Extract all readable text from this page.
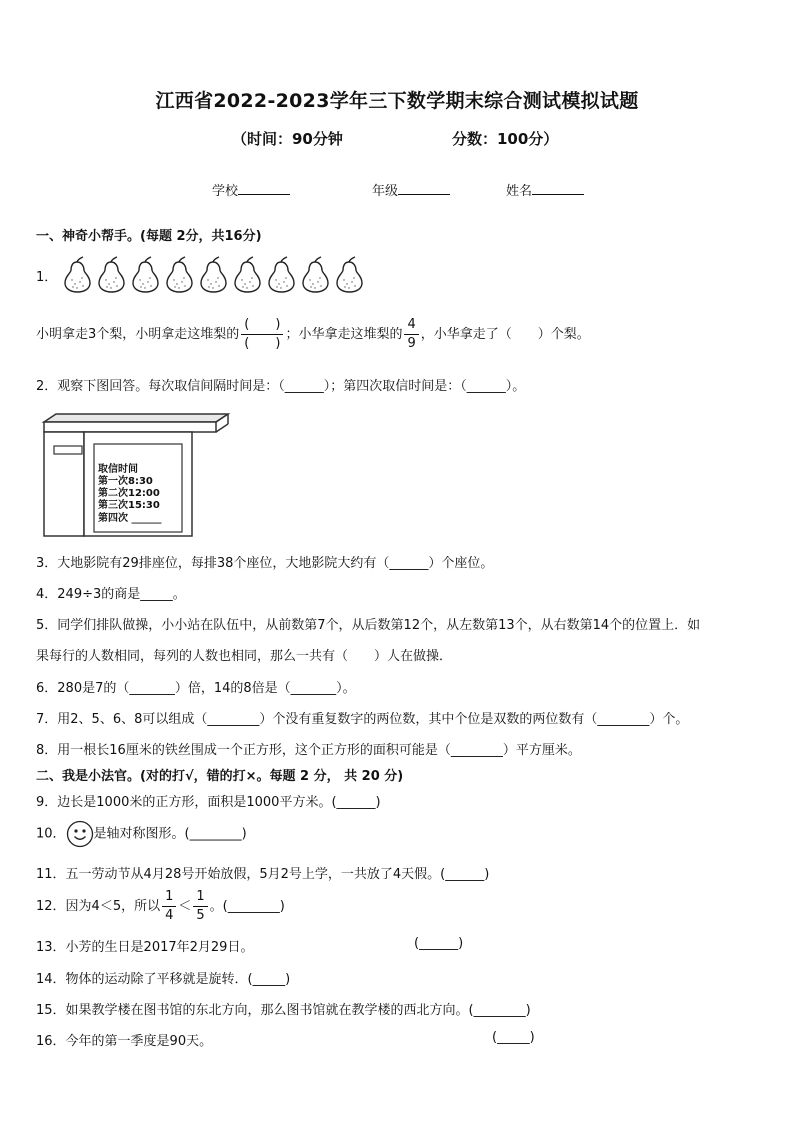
江西省2022-2023学年三下数学期末综合测试模拟试题
（时间：90分钟	分数：100分）
学校	年级	姓名
一、神奇小帮手。(每题 2分，共16分)
1．
小明拿走3个梨，小明拿走这堆梨的 $\frac{( )}{( )}$ ；小华拿走这堆梨的 $\frac{4}{9}$ ，小华拿走了（　　）个梨。
2．观察下图回答。每次取信间隔时间是：（______）；第四次取信时间是：（______）。
取信时间
第一次8:30
第二次12:00
第三次15:30
第四次 ______
3．大地影院有29排座位，每排38个座位，大地影院大约有（______）个座位。
4．249÷3的商是_____。
5．同学们排队做操，小小站在队伍中，从前数第7个，从后数第12个，从左数第13个，从右数第14个的位置上．如
果每行的人数相同，每列的人数也相同，那么一共有（　　）人在做操．
6．280是7的（_______）倍，14的8倍是（_______）。
7．用2、5、6、8可以组成（________）个没有重复数字的两位数，其中个位是双数的两位数有（________）个。
8．用一根长16厘米的铁丝围成一个正方形，这个正方形的面积可能是（________）平方厘米。
二、我是小法官。(对的打√，错的打×。每题 2 分， 共 20 分)
9．边长是1000米的正方形，面积是1000平方米。(______)
10． 是轴对称图形。(________)
11．五一劳动节从4月28号开始放假，5月2号上学，一共放了4天假。(______)
12．因为4＜5，所以 $\frac{1}{4} < \frac{1}{5}$ 。(________)
13．小芳的生日是2017年2月29日。	(______)
14．物体的运动除了平移就是旋转．(_____)
15．如果教学楼在图书馆的东北方向，那么图书馆就在教学楼的西北方向。(________)
16．今年的第一季度是90天。	(_____)
